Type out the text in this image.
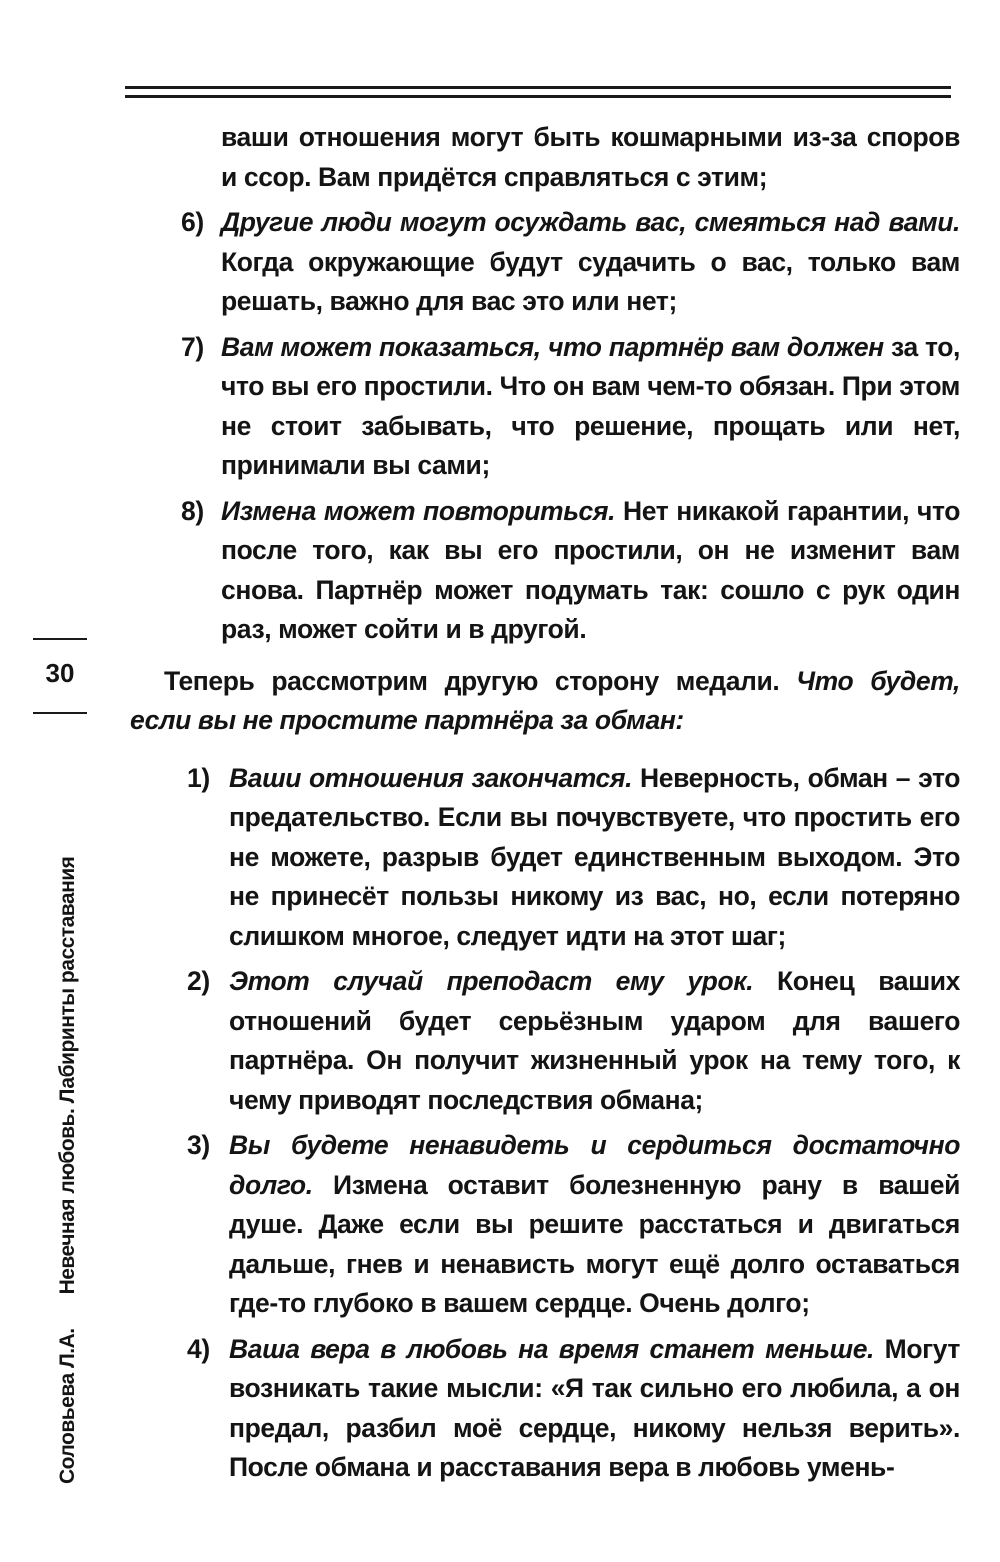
30
Соловьева Л.А.Невечная любовь. Лабиринты расставания

ваши отношения могут быть кошмарными из-за споров и ссор. Вам придётся справляться с этим;

6) Другие люди могут осуждать вас, смеяться над вами. Когда окружающие будут судачить о вас, только вам решать, важно для вас это или нет;

7) Вам может показаться, что партнёр вам должен за то, что вы его простили. Что он вам чем-то обязан. При этом не стоит забывать, что решение, прощать или нет, принимали вы сами;

8) Измена может повториться. Нет никакой гарантии, что после того, как вы его простили, он не изменит вам снова. Партнёр может подумать так: сошло с рук один раз, может сойти и в другой.

Теперь рассмотрим другую сторону медали. Что будет, если вы не простите партнёра за обман:

1) Ваши отношения закончатся. Неверность, обман – это предательство. Если вы почувствуете, что простить его не можете, разрыв будет единственным выходом. Это не принесёт пользы никому из вас, но, если потеряно слишком многое, следует идти на этот шаг;

2) Этот случай преподаст ему урок. Конец ваших отношений будет серьёзным ударом для вашего партнёра. Он получит жизненный урок на тему того, к чему приводят последствия обмана;

3) Вы будете ненавидеть и сердиться достаточно долго. Измена оставит болезненную рану в вашей душе. Даже если вы решите расстаться и двигаться дальше, гнев и ненависть могут ещё долго оставаться где-то глубоко в вашем сердце. Очень долго;

4) Ваша вера в любовь на время станет меньше. Могут возникать такие мысли: «Я так сильно его любила, а он предал, разбил моё сердце, никому нельзя верить». После обмана и расставания вера в любовь умень-
